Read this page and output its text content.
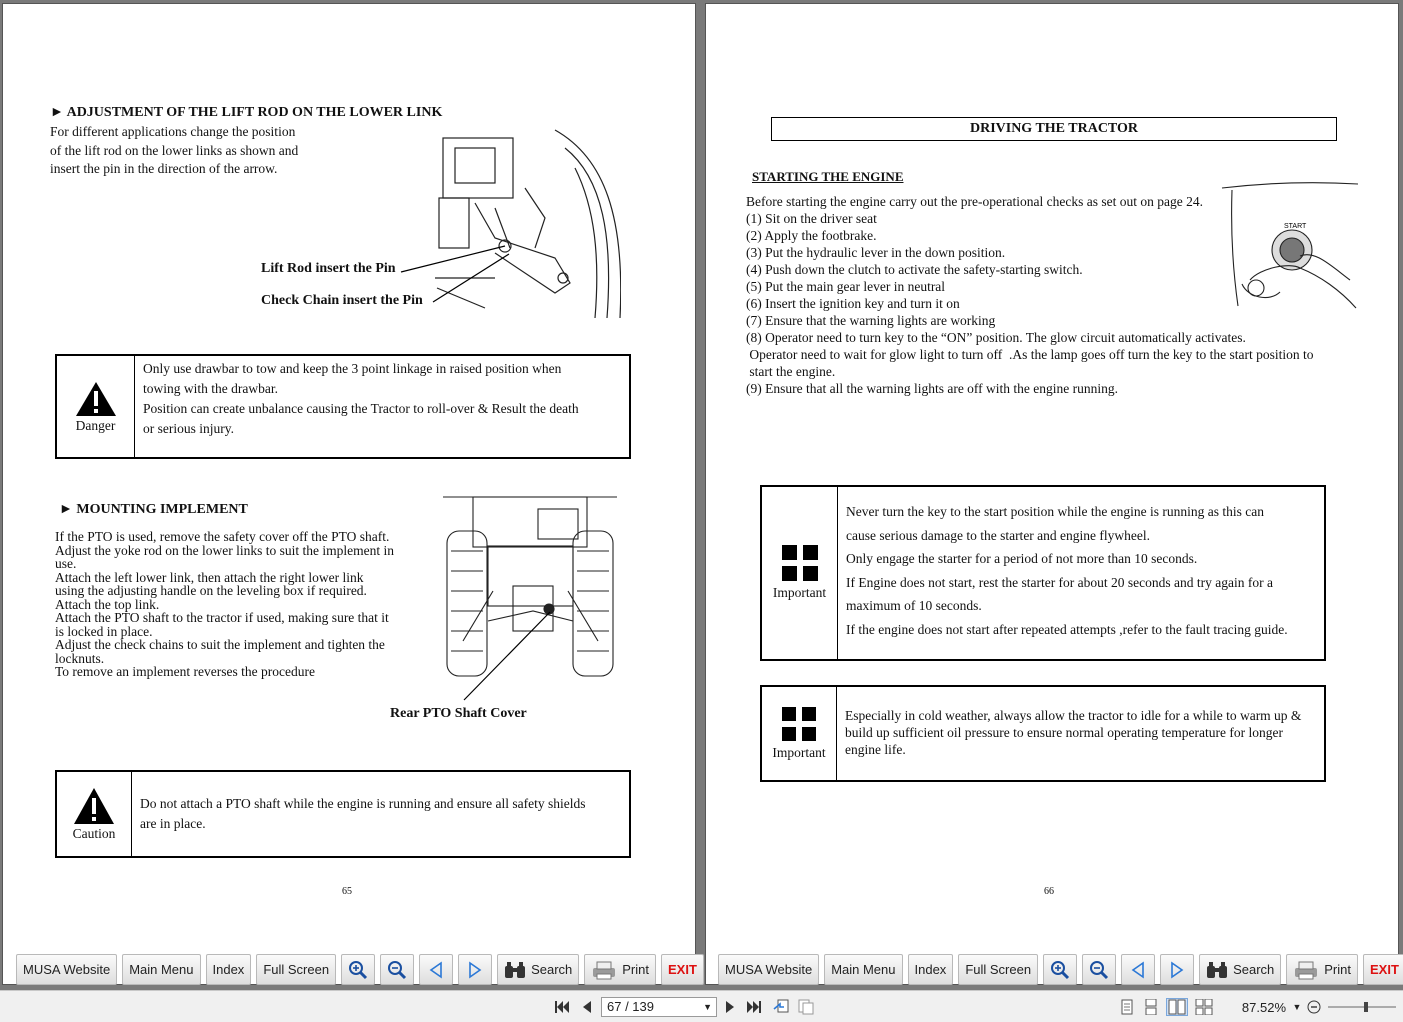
► ADJUSTMENT OF THE LIFT ROD ON THE LOWER LINK
For different applications change the position
of the lift rod on the lower links as shown and
insert the pin in the direction of the arrow.
Lift Rod insert the Pin
Check Chain insert the Pin
Danger
Only use drawbar to tow and keep the 3 point linkage in raised position when
towing with the drawbar.
Position can create unbalance causing the Tractor to roll-over & Result the death
or serious injury.
► MOUNTING IMPLEMENT
If the PTO is used, remove the safety cover off the PTO shaft.
Adjust the yoke rod on the lower links to suit the implement in
use.
Attach the left lower link, then attach the right lower link
using the adjusting handle on the leveling box if required.
Attach the top link.
Attach the PTO shaft to the tractor if used, making sure that it
is locked in place.
Adjust the check chains to suit the implement and tighten the
locknuts.
To remove an implement reverses the procedure
Rear PTO Shaft Cover
Caution
Do not attach a PTO shaft while the engine is running and ensure all safety shields
are in place.
65
MUSA Website	Main Menu	Index	Full Screen	Search	Print EXIT
DRIVING THE TRACTOR
STARTING THE ENGINE
Before starting the engine carry out the pre-operational checks as set out on page 24.
(1) Sit on the driver seat
(2) Apply the footbrake.
(3) Put the hydraulic lever in the down position.
(4) Push down the clutch to activate the safety-starting switch.
(5) Put the main gear lever in neutral
(6) Insert the ignition key and turn it on
(7) Ensure that the warning lights are working
(8) Operator need to turn key to the “ON” position. The glow circuit automatically activates.
Operator need to wait for glow light to turn off  .As the lamp goes off turn the key to the start position to
start the engine.
(9) Ensure that all the warning lights are off with the engine running.
START
Important
Never turn the key to the start position while the engine is running as this can
cause serious damage to the starter and engine flywheel.
Only engage the starter for a period of not more than 10 seconds.
If Engine does not start, rest the starter for about 20 seconds and try again for a
maximum of 10 seconds.
If the engine does not start after repeated attempts ,refer to the fault tracing guide.
Important
Especially in cold weather, always allow the tractor to idle for a while to warm up &
build up sufficient oil pressure to ensure normal operating temperature for longer
engine life.
66
MUSA Website	Main Menu	Index	Full Screen	Search	Print EXIT
67 / 139	▼	87.52% ▼
